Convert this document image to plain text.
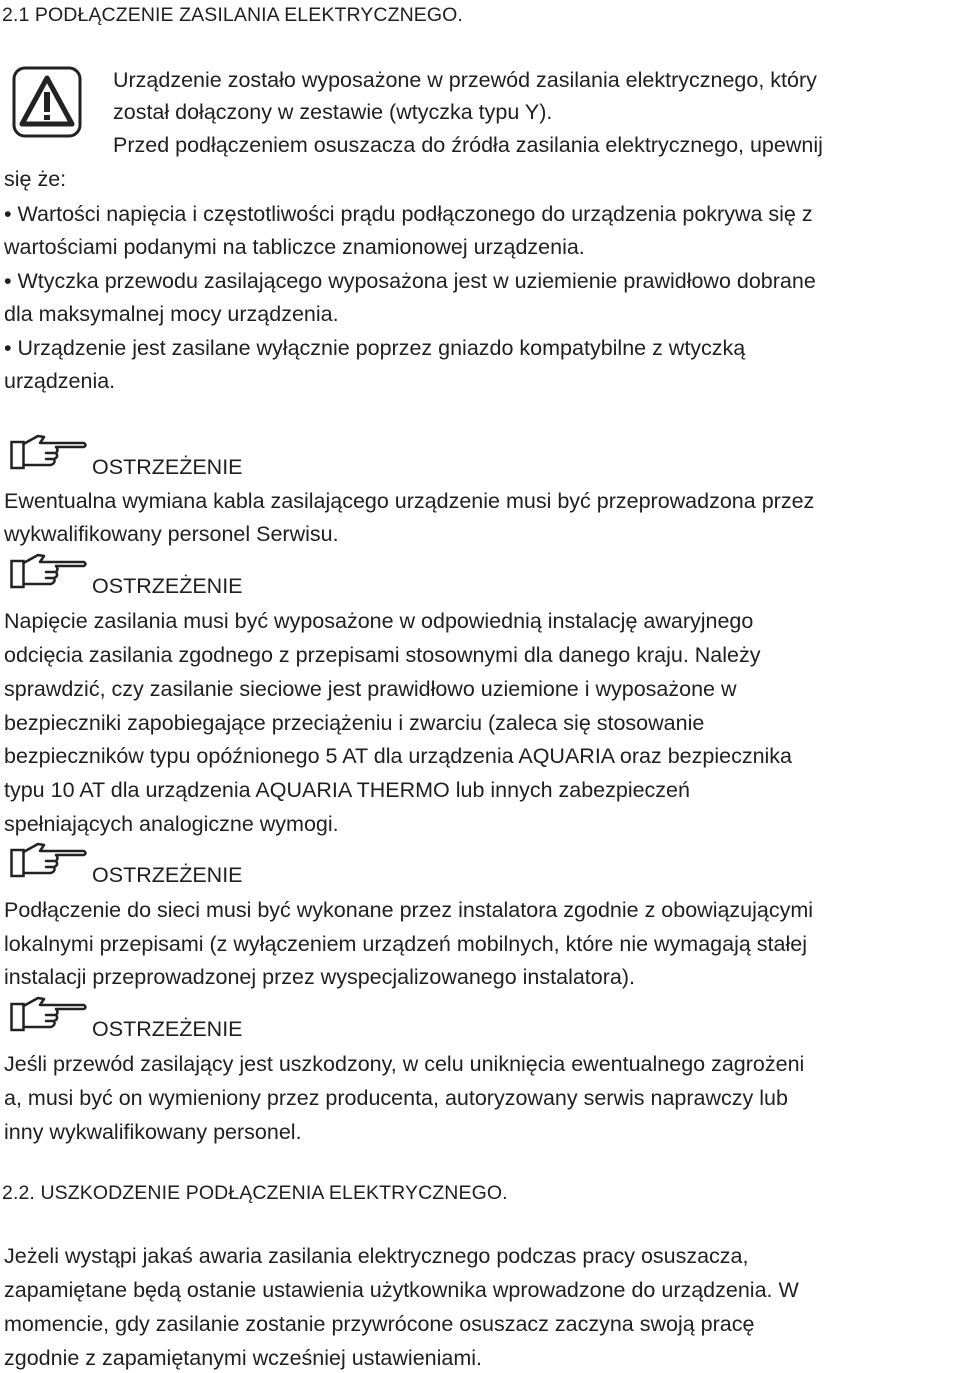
2.1 PODŁĄCZENIE ZASILANIA ELEKTRYCZNEGO.
Urządzenie zostało wyposażone w przewód zasilania elektrycznego, który
został dołączony w zestawie (wtyczka typu Y).
Przed podłączeniem osuszacza do źródła zasilania elektrycznego, upewnij
się że:
• Wartości napięcia i częstotliwości prądu podłączonego do urządzenia pokrywa się z
wartościami podanymi na tabliczce znamionowej urządzenia.
• Wtyczka przewodu zasilającego wyposażona jest w uziemienie prawidłowo dobrane
dla maksymalnej mocy urządzenia.
• Urządzenie jest zasilane wyłącznie poprzez gniazdo kompatybilne z wtyczką
urządzenia.
OSTRZEŻENIE
Ewentualna wymiana kabla zasilającego urządzenie musi być przeprowadzona przez
wykwalifikowany personel Serwisu.
OSTRZEŻENIE
Napięcie zasilania musi być wyposażone w odpowiednią instalację awaryjnego
odcięcia zasilania zgodnego z przepisami stosownymi dla danego kraju. Należy
sprawdzić, czy zasilanie sieciowe jest prawidłowo uziemione i wyposażone w
bezpieczniki zapobiegające przeciążeniu i zwarciu (zaleca się stosowanie
bezpieczników typu opóźnionego 5 AT dla urządzenia AQUARIA oraz bezpiecznika
typu 10 AT dla urządzenia AQUARIA THERMO lub innych zabezpieczeń
spełniających analogiczne wymogi.
OSTRZEŻENIE
Podłączenie do sieci musi być wykonane przez instalatora zgodnie z obowiązującymi
lokalnymi przepisami (z wyłączeniem urządzeń mobilnych, które nie wymagają stałej
instalacji przeprowadzonej przez wyspecjalizowanego instalatora).
OSTRZEŻENIE
Jeśli przewód zasilający jest uszkodzony, w celu uniknięcia ewentualnego zagrożeni
a, musi być on wymieniony przez producenta, autoryzowany serwis naprawczy lub
inny wykwalifikowany personel.
2.2. USZKODZENIE PODŁĄCZENIA ELEKTRYCZNEGO.
Jeżeli wystąpi jakaś awaria zasilania elektrycznego podczas pracy osuszacza,
zapamiętane będą ostanie ustawienia użytkownika wprowadzone do urządzenia. W
momencie, gdy zasilanie zostanie przywrócone osuszacz zaczyna swoją pracę
zgodnie z zapamiętanymi wcześniej ustawieniami.
